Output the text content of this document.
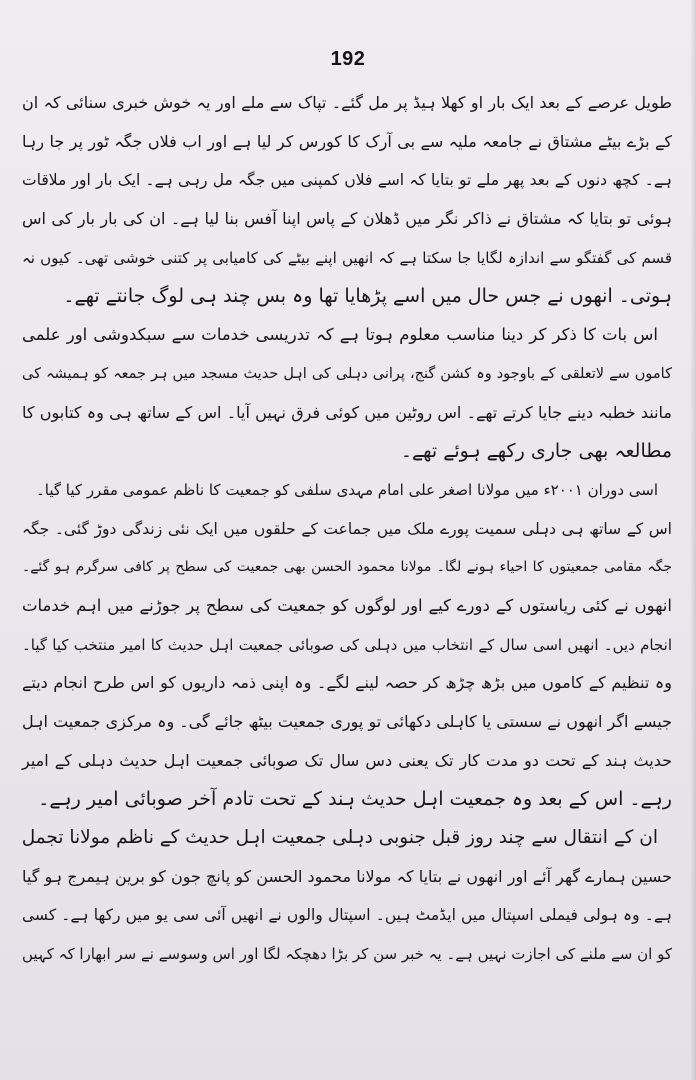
192
طویل عرصے کے بعد ایک بار او کھلا ہیڈ پر مل گئے۔ تپاک سے ملے اور یہ خوش خبری سنائی کہ ان
کے بڑے بیٹے مشتاق نے جامعہ ملیہ سے بی آرک کا کورس کر لیا ہے اور اب فلاں جگہ ٹور پر جا رہا
ہے۔ کچھ دنوں کے بعد پھر ملے تو بتایا کہ اسے فلاں کمپنی میں جگہ مل رہی ہے۔ ایک بار اور ملاقات
ہوئی تو بتایا کہ مشتاق نے ذاکر نگر میں ڈھلان کے پاس اپنا آفس بنا لیا ہے۔ ان کی بار بار کی اس
قسم کی گفتگو سے اندازہ لگایا جا سکتا ہے کہ انھیں اپنے بیٹے کی کامیابی پر کتنی خوشی تھی۔ کیوں نہ
ہوتی۔ انھوں نے جس حال میں اسے پڑھایا تھا وہ بس چند ہی لوگ جانتے تھے۔
اس بات کا ذکر کر دینا مناسب معلوم ہوتا ہے کہ تدریسی خدمات سے سبکدوشی اور علمی
کاموں سے لاتعلقی کے باوجود وہ کشن گنج، پرانی دہلی کی اہل حدیث مسجد میں ہر جمعہ کو ہمیشہ کی
مانند خطبہ دینے جایا کرتے تھے۔ اس روٹین میں کوئی فرق نہیں آیا۔ اس کے ساتھ ہی وہ کتابوں کا
مطالعہ بھی جاری رکھے ہوئے تھے۔
اسی دوران ۲۰۰۱ء میں مولانا اصغر علی امام مہدی سلفی کو جمعیت کا ناظم عمومی مقرر کیا گیا۔
اس کے ساتھ ہی دہلی سمیت پورے ملک میں جماعت کے حلقوں میں ایک نئی زندگی دوڑ گئی۔ جگہ
جگہ مقامی جمعیتوں کا احیاء ہونے لگا۔ مولانا محمود الحسن بھی جمعیت کی سطح پر کافی سرگرم ہو گئے۔
انھوں نے کئی ریاستوں کے دورے کیے اور لوگوں کو جمعیت کی سطح پر جوڑنے میں اہم خدمات
انجام دیں۔ انھیں اسی سال کے انتخاب میں دہلی کی صوبائی جمعیت اہل حدیث کا امیر منتخب کیا گیا۔
وہ تنظیم کے کاموں میں بڑھ چڑھ کر حصہ لینے لگے۔ وہ اپنی ذمہ داریوں کو اس طرح انجام دیتے
جیسے اگر انھوں نے سستی یا کاہلی دکھائی تو پوری جمعیت بیٹھ جائے گی۔ وہ مرکزی جمعیت اہل
حدیث ہند کے تحت دو مدت کار تک یعنی دس سال تک صوبائی جمعیت اہل حدیث دہلی کے امیر
رہے۔ اس کے بعد وہ جمعیت اہل حدیث ہند کے تحت تادم آخر صوبائی امیر رہے۔
ان کے انتقال سے چند روز قبل جنوبی دہلی جمعیت اہل حدیث کے ناظم مولانا تجمل
حسین ہمارے گھر آئے اور انھوں نے بتایا کہ مولانا محمود الحسن کو پانچ جون کو برین ہیمرج ہو گیا
ہے۔ وہ ہولی فیملی اسپتال میں ایڈمٹ ہیں۔ اسپتال والوں نے انھیں آئی سی یو میں رکھا ہے۔ کسی
کو ان سے ملنے کی اجازت نہیں ہے۔ یہ خبر سن کر بڑا دھچکہ لگا اور اس وسوسے نے سر ابھارا کہ کہیں
